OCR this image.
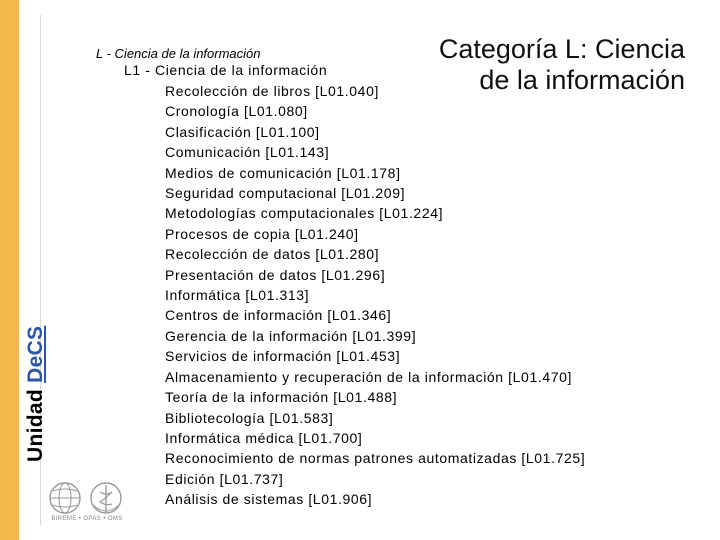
Unidad DeCS
BIREME • OPAS • OMS
Categoría L: Ciencia de la información
L - Ciencia de la información
L1 - Ciencia de la información
Recolección de libros [L01.040]
Cronología [L01.080]
Clasificación [L01.100]
Comunicación [L01.143]
Medios de comunicación [L01.178]
Seguridad computacional [L01.209]
Metodologías computacionales [L01.224]
Procesos de copia [L01.240]
Recolección de datos [L01.280]
Presentación de datos [L01.296]
Informática [L01.313]
Centros de información [L01.346]
Gerencia de la información [L01.399]
Servicios de información [L01.453]
Almacenamiento y recuperación de la información [L01.470]
Teoría de la información [L01.488]
Bibliotecología [L01.583]
Informática médica [L01.700]
Reconocimiento de normas patrones automatizadas [L01.725]
Edición [L01.737]
Análisis de sistemas [L01.906]
